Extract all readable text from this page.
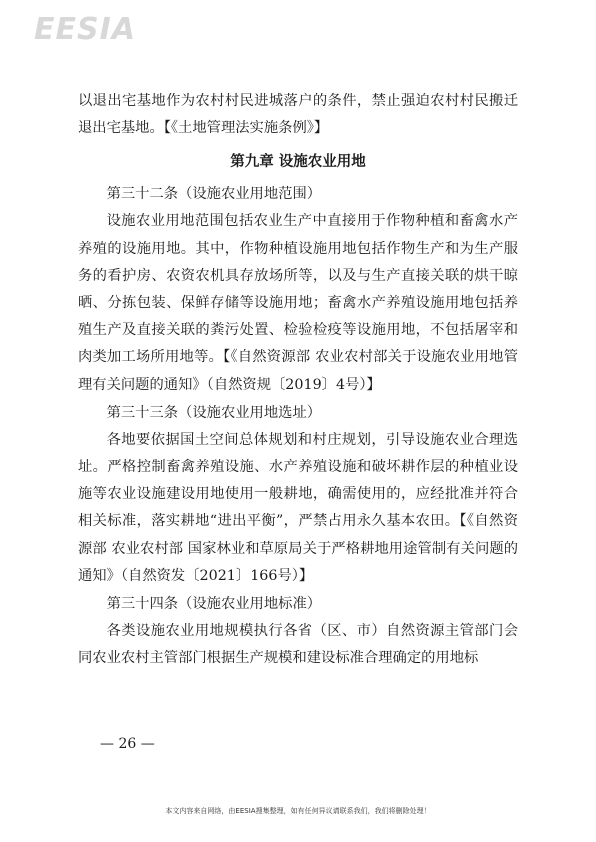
EESIA

以退出宅基地作为农村村民进城落户的条件，禁止强迫农村村民搬迁退出宅基地。【《土地管理法实施条例》】

第九章 设施农业用地

第三十二条（设施农业用地范围）

设施农业用地范围包括农业生产中直接用于作物种植和畜禽水产养殖的设施用地。其中，作物种植设施用地包括作物生产和为生产服务的看护房、农资农机具存放场所等，以及与生产直接关联的烘干晾晒、分拣包装、保鲜存储等设施用地；畜禽水产养殖设施用地包括养殖生产及直接关联的粪污处置、检验检疫等设施用地，不包括屠宰和肉类加工场所用地等。【《自然资源部 农业农村部关于设施农业用地管理有关问题的通知》（自然资规〔2019〕4号）】

第三十三条（设施农业用地选址）

各地要依据国土空间总体规划和村庄规划，引导设施农业合理选址。严格控制畜禽养殖设施、水产养殖设施和破坏耕作层的种植业设施等农业设施建设用地使用一般耕地，确需使用的，应经批准并符合相关标准，落实耕地“进出平衡”，严禁占用永久基本农田。【《自然资源部 农业农村部 国家林业和草原局关于严格耕地用途管制有关问题的通知》（自然资发〔2021〕166号）】

第三十四条（设施农业用地标准）

各类设施农业用地规模执行各省（区、市）自然资源主管部门会同农业农村主管部门根据生产规模和建设标准合理确定的用地标

— 26 —
本文内容来自网络，由EESIA搜集整理，如有任何异议请联系我们，我们将删除处理！
